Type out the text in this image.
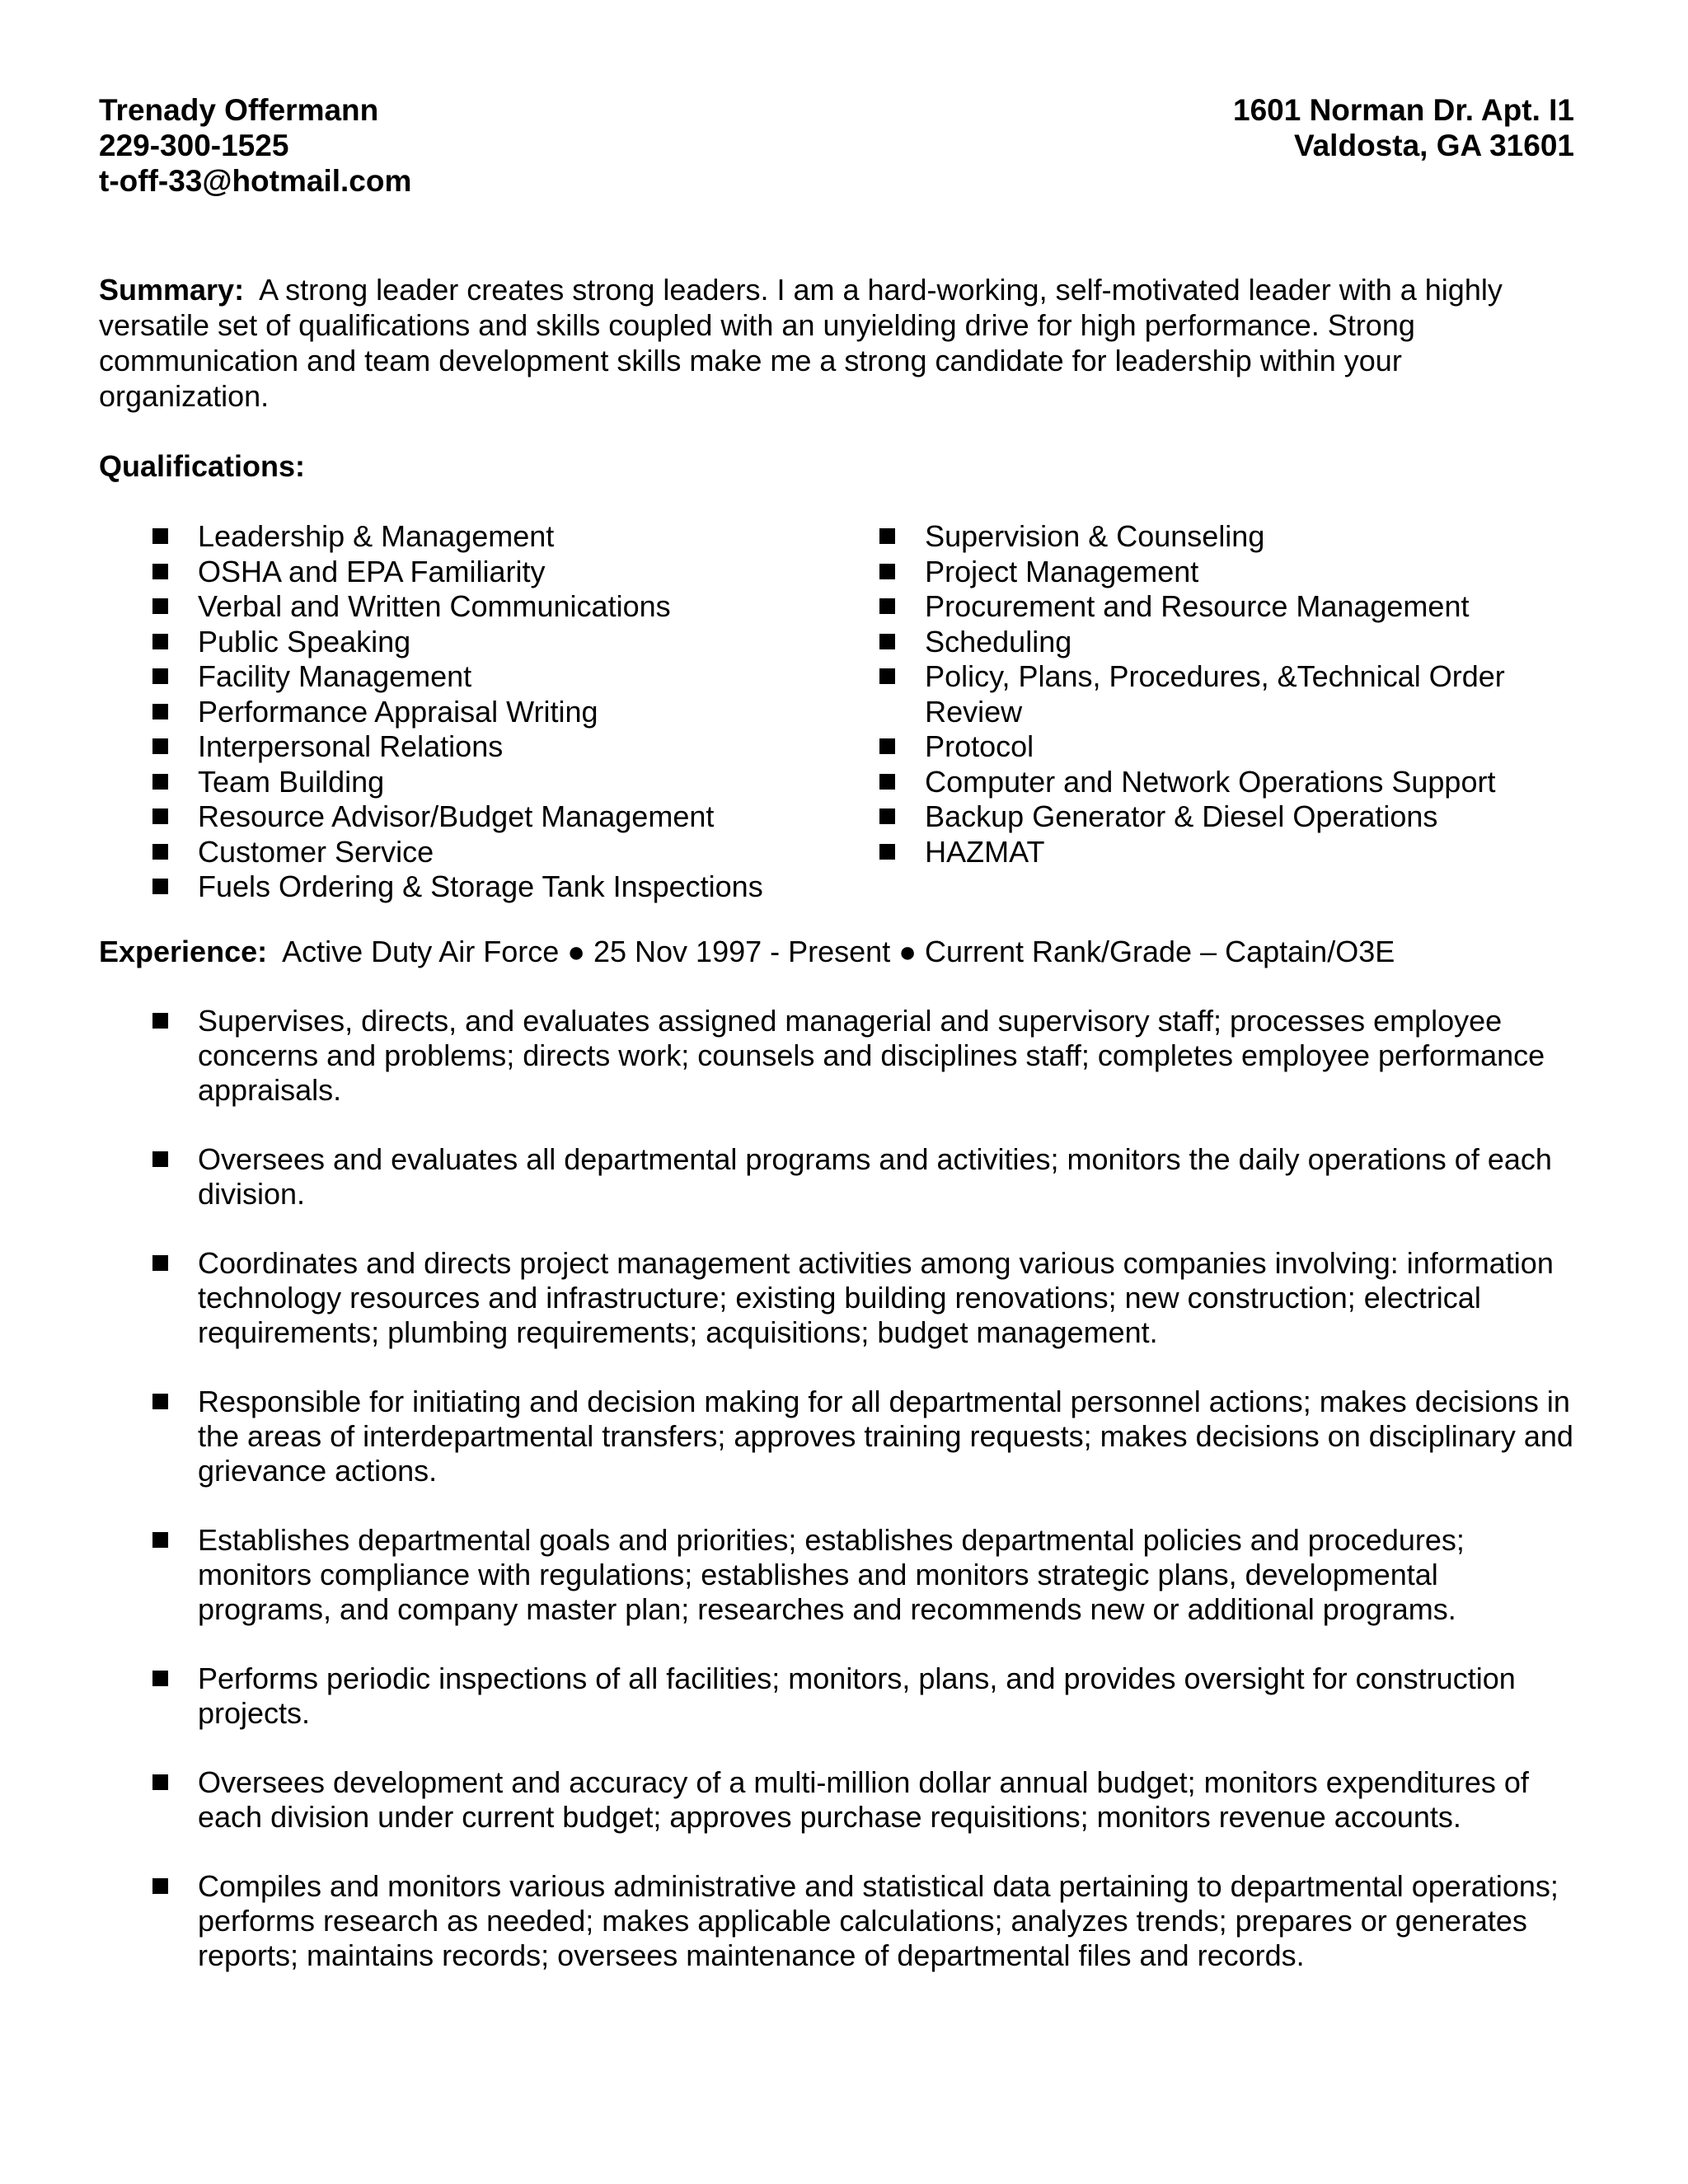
Trenady Offermann
229-300-1525
t-off-33@hotmail.com
1601 Norman Dr. Apt. I1
Valdosta, GA 31601
Summary: A strong leader creates strong leaders. I am a hard-working, self-motivated leader with a highly versatile set of qualifications and skills coupled with an unyielding drive for high performance. Strong communication and team development skills make me a strong candidate for leadership within your organization.
Qualifications:
Leadership & Management
OSHA and EPA Familiarity
Verbal and Written Communications
Public Speaking
Facility Management
Performance Appraisal Writing
Interpersonal Relations
Team Building
Resource Advisor/Budget Management
Customer Service
Fuels Ordering & Storage Tank Inspections
Supervision & Counseling
Project Management
Procurement and Resource Management
Scheduling
Policy, Plans, Procedures, &Technical Order Review
Protocol
Computer and Network Operations Support
Backup Generator & Diesel Operations
HAZMAT
Experience: Active Duty Air Force ● 25 Nov 1997 - Present ● Current Rank/Grade – Captain/O3E
Supervises, directs, and evaluates assigned managerial and supervisory staff; processes employee concerns and problems; directs work; counsels and disciplines staff; completes employee performance appraisals.
Oversees and evaluates all departmental programs and activities; monitors the daily operations of each division.
Coordinates and directs project management activities among various companies involving: information technology resources and infrastructure; existing building renovations; new construction; electrical requirements; plumbing requirements; acquisitions; budget management.
Responsible for initiating and decision making for all departmental personnel actions; makes decisions in the areas of interdepartmental transfers; approves training requests; makes decisions on disciplinary and grievance actions.
Establishes departmental goals and priorities; establishes departmental policies and procedures; monitors compliance with regulations; establishes and monitors strategic plans, developmental programs, and company master plan; researches and recommends new or additional programs.
Performs periodic inspections of all facilities; monitors, plans, and provides oversight for construction projects.
Oversees development and accuracy of a multi-million dollar annual budget; monitors expenditures of each division under current budget; approves purchase requisitions; monitors revenue accounts.
Compiles and monitors various administrative and statistical data pertaining to departmental operations; performs research as needed; makes applicable calculations; analyzes trends; prepares or generates reports; maintains records; oversees maintenance of departmental files and records.
